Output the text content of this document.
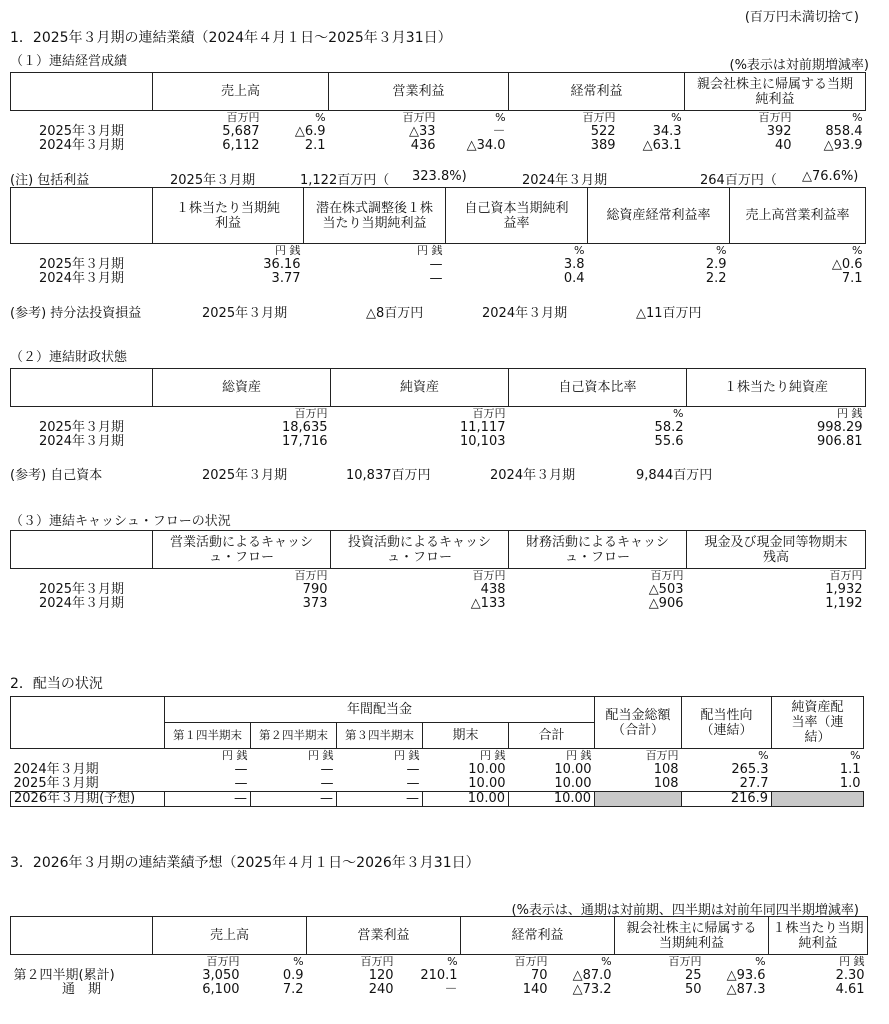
(百万円未満切捨て)
1．2025年３月期の連結業績（2024年４月１日～2025年３月31日）
（１）連結経営成績	(%表示は対前期増減率)
	売上高		営業利益		経常利益		親会社株主に帰属する当期純利益	
	百万円	%	百万円	%	百万円	%	百万円	%
2025年３月期	5,687	△6.9	△33	－	522	34.3	392	858.4
2024年３月期	6,112	2.1	436	△34.0	389	△63.1	40	△93.9
(注) 包括利益	2025年３月期	1,122百万円（ 323.8%)	2024年３月期	264百万円（ △76.6%)
	１株当たり当期純利益	潜在株式調整後１株当たり当期純利益	自己資本当期純利益率	総資産経常利益率	売上高営業利益率
	円 銭	円 銭	%	%	%
2025年３月期	36.16	—	3.8	2.9	△0.6
2024年３月期	3.77	—	0.4	2.2	7.1
(参考) 持分法投資損益	2025年３月期	△8百万円	2024年３月期	△11百万円
（２）連結財政状態
	総資産	純資産	自己資本比率	１株当たり純資産
	百万円	百万円	%	円 銭
2025年３月期	18,635	11,117	58.2	998.29
2024年３月期	17,716	10,103	55.6	906.81
(参考) 自己資本	2025年３月期	10,837百万円	2024年３月期	9,844百万円
（３）連結キャッシュ・フローの状況
	営業活動によるキャッシュ・フロー	投資活動によるキャッシュ・フロー	財務活動によるキャッシュ・フロー	現金及び現金同等物期末残高
	百万円	百万円	百万円	百万円
2025年３月期	790	438	△503	1,932
2024年３月期	373	△133	△906	1,192
2．配当の状況
	年間配当金					配当金総額（合計）	配当性向（連結）	純資産配当率（連結）
	第１四半期末	第２四半期末	第３四半期末	期末	合計			
	円 銭	円 銭	円 銭	円 銭	円 銭	百万円	%	%
2024年３月期	—	—	—	10.00	10.00	108	265.3	1.1
2025年３月期	—	—	—	10.00	10.00	108	27.7	1.0
2026年３月期(予想)	—	—	—	10.00	10.00		216.9	
3．2026年３月期の連結業績予想（2025年４月１日～2026年３月31日）
(%表示は、通期は対前期、四半期は対前年同四半期増減率)
	売上高		営業利益		経常利益		親会社株主に帰属する当期純利益		１株当たり当期純利益
	百万円	%	百万円	%	百万円	%	百万円	%	円 銭
第２四半期(累計)	3,050	0.9	120	210.1	70	△87.0	25	△93.6	2.30
通　期	6,100	7.2	240	－	140	△73.2	50	△87.3	4.61
